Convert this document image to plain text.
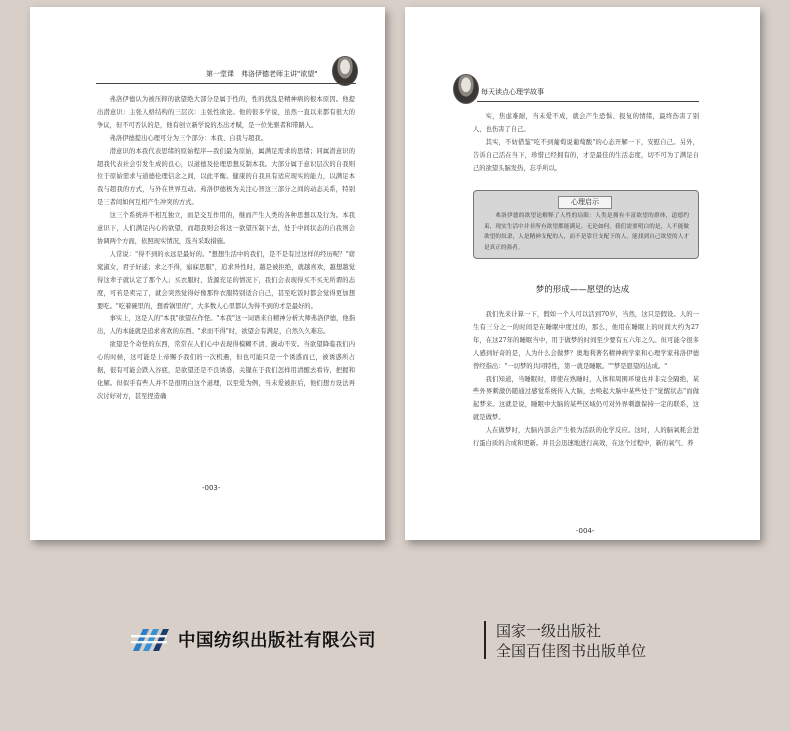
第一堂课　弗洛伊德老师主讲"欲望"

弗洛伊德认为被压抑的欲望绝大部分是属于性的，性的扰乱是精神病的根本原因。他提出潜意识：主张人格结构的三层次：主张性欲论。他的很多学说，虽然一直以来都有很大的争议，但不可否认的是，他有创立新学说的杰出才赋，是一位先驱者和带路人。

弗洛伊德提出心理可分为三个部分：本我、自我与超我。

潜意识的本我代表思绪的原始程序—我们最为原始，属满足需求的思绪；同属潜意识的超我代表社会引发生成的良心，以道德及伦理思想反制本我。大部分属于意识层次的自我则位于原始需求与道德伦理信念之间，以此平衡。健康的自我具有适应现实的能力，以满足本我与超我的方式，与外在世界互动。弗洛伊德极为关注心智这三部分之间的动态关系，特别是三者间如何互相产生冲突的方式。

这三个系统并不相互独立，而是交互作用的，继而产生人类的各种思想以及行为。本我意识下，人们满足内心的欲望，而超我则会将这一欲望压制下去，处于中间状态的自我则会协调两个方面，依照现实情况，选当采取措施。

人常说："得不到的永远是最好的。"想想生活中的我们，是不是有过这样的经历呢？"窈窕淑女，君子好逑；求之不得，寤寐思服"，追求异性时，越是被拒绝，就越喜欢，越想越觉得这辈子就认定了那个人；买衣服时，货源充足的情况下，我们会表现得买不买无所谓的态度，可若是卖完了，就会突然觉得好像那件衣服特别适合自己，甚至吃饭时都会觉得更加想要吃。"吃着碗里的，想看锅里的"，大多数人心里都认为得不到的才是最好的。

事实上，这是人的"本我"欲望在作怪。"本我"这一词语来自精神分析大师弗洛伊德，他指出，人的本能就是追求喜欢的东西。"求而不得"时，欲望会有满足，自然久久难忘。

欲望是个奇怪的东西，常常在人们心中表现得模糊不清、躁动不安。当欲望降临我们内心的时候，这可能是上帝赐予我们的一次机遇，但也可能只是一个诱惑而已，被诱惑所占据，很有可能会跌入谷底，是欲望还是不良诱惑，关键在于我们怎样用清醒去看待，把握和化解。但似乎有些人并不是很明白这个道理，以至爱为例，当未爱被拒后，他们想方设法再次讨好对方，甚至捏造确

-003-
每天读点心理学故事

实，焦虑难耐，当未爱不成，就会产生恐惧、报复的情绪，最终伤害了别人，也伤害了自己。

其实，不妨借鉴"吃不到葡萄说葡萄酸"的心态开解一下，安慰自己。另外，告诉自己活在当下，珍惜已经拥有的，才是最佳的生活态度，切不可为了满足自己的欲望头脑发热，忘乎所以。

心理启示

弗洛伊德的欲望论解释了人性的局限：人类是拥有丰富欲望的群体，道德约束，现实生活中并非所有欲望都能满足。无论如何，我们需要明白的是，人不能做欲望的奴隶，人是精神支配的人，而不是靠官支配下的人，能找到自己欲望的人才是真正的强者。

梦的形成——愿望的达成

我们先来计算一下，假如一个人可以活到70岁，当然，这只是假设。人的一生有三分之一的时间是在睡眠中度过的，那么，他用在睡眠上的时间大约为27年，在这27年的睡眠当中，用于做梦的时间至少要有五六年之久。但可能令很多人感到好奇的是，人为什么会做梦？奥地利著名精神病学家和心理学家弗洛伊德曾经指出："一切梦的共同特性，第一就是睡眠。""梦是愿望的达成。"

我们知道，当睡眠时，即使在熟睡时，人体和周围环境也并非完全隔绝，某些外界刺激仍随通过感觉系统传入大脑，去唤起大脑中某些处于"觉醒状态"而做起梦来。这就是说，睡眠中大脑的某些区域仍可对外界刺激保持一定的联系，这就是做梦。

人在做梦时，大脑内部会产生极为活跃的化学反应。这时，人的脑氧耗会进行蛋白质的合成和更新。并且会迅速地进行高效，在这个过程中，新的氧气、养

-004-
中国纺织出版社有限公司	国家一级出版社
全国百佳图书出版单位
